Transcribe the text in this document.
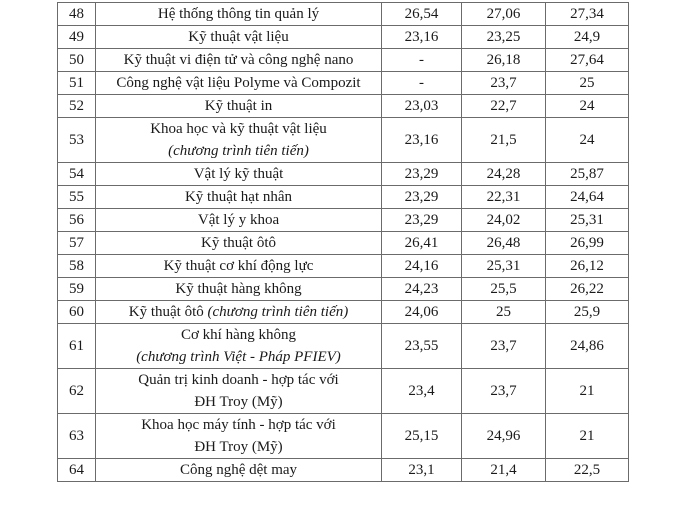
48	Hệ thống thông tin quản lý	26,54	27,06	27,34
49	Kỹ thuật vật liệu	23,16	23,25	24,9
50	Kỹ thuật vi điện tử và công nghệ nano	-	26,18	27,64
51	Công nghệ vật liệu Polyme và Compozit	-	23,7	25
52	Kỹ thuật in	23,03	22,7	24
53	Khoa học và kỹ thuật vật liệu
(chương trình tiên tiến)	23,16	21,5	24
54	Vật lý kỹ thuật	23,29	24,28	25,87
55	Kỹ thuật hạt nhân	23,29	22,31	24,64
56	Vật lý y khoa	23,29	24,02	25,31
57	Kỹ thuật ôtô	26,41	26,48	26,99
58	Kỹ thuật cơ khí động lực	24,16	25,31	26,12
59	Kỹ thuật hàng không	24,23	25,5	26,22
60	Kỹ thuật ôtô (chương trình tiên tiến)	24,06	25	25,9
61	Cơ khí hàng không
(chương trình Việt - Pháp PFIEV)	23,55	23,7	24,86
62	Quản trị kinh doanh - hợp tác với
ĐH Troy (Mỹ)	23,4	23,7	21
63	Khoa học máy tính - hợp tác với
ĐH Troy (Mỹ)	25,15	24,96	21
64	Công nghệ dệt may	23,1	21,4	22,5
